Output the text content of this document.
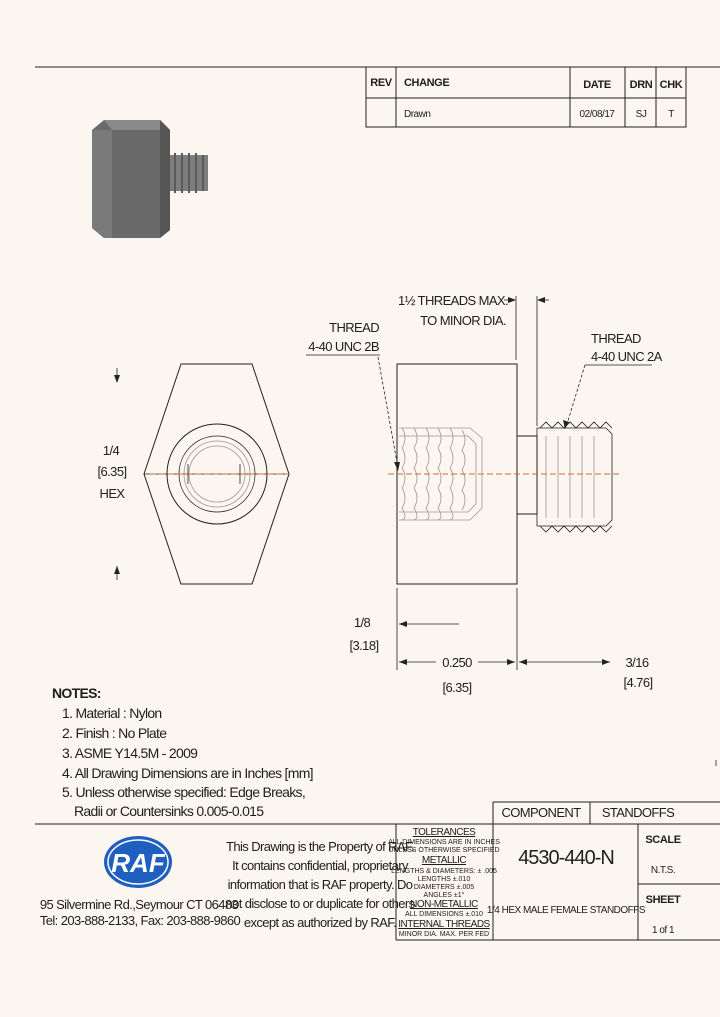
REV CHANGE	DATE DRN CHK
Drawn	02/08/17 SJ T
1/4
[6.35]
HEX
1½ THREADS MAX.
TO MINOR DIA.
THREAD
4-40 UNC 2B
THREAD
4-40 UNC 2A
1/8
[3.18]
0.250
[6.35]
3/16
[4.76]
NOTES:
1. Material : Nylon
2. Finish : No Plate
3. ASME Y14.5M - 2009
4. All Drawing Dimensions are in Inches [mm]
5. Unless otherwise specified: Edge Breaks,
Radii or Countersinks 0.005-0.015
RAF
95 Silvermine Rd.,Seymour CT 06483
Tel: 203-888-2133, Fax: 203-888-9860
This Drawing is the Property of RAF.
It contains confidential, proprietary
information that is RAF property. Do
not disclose to or duplicate for others
except as authorized by RAF.
TOLERANCES
ALL DIMENSIONS ARE IN INCHES
UNLESS OTHERWISE SPECIFIED
METALLIC
LENGTHS & DIAMETERS: ± .005
LENGTHS ±.010
DIAMETERS ±.005
ANGLES ±1°
NON-METALLIC
ALL DIMENSIONS ±.010
INTERNAL THREADS
MINOR DIA. MAX. PER FED
COMPONENT STANDOFFS
4530-440-N
1/4 HEX MALE FEMALE STANDOFFS
SCALE
N.T.S.
SHEET
1 of 1
